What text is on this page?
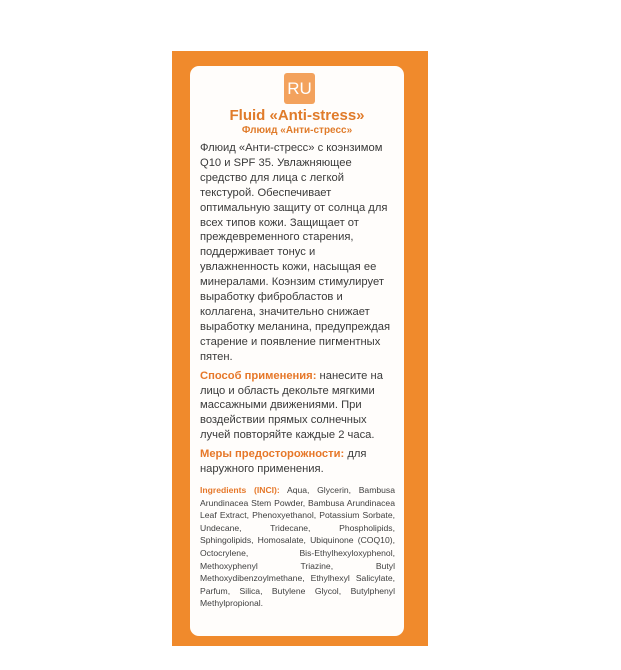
RU
Fluid «Anti-stress»
Флюид «Анти-стресс»

Флюид «Анти-стресс» с коэнзимом Q10 и SPF 35. Увлажняющее средство для лица с легкой текстурой. Обеспечивает оптимальную защиту от солнца для всех типов кожи. Защищает от преждевременного старения, поддерживает тонус и увлажненность кожи, насыщая ее минералами. Коэнзим стимулирует выработку фибробластов и коллагена, значительно снижает выработку меланина, предупреждая старение и появление пигментных пятен.

Способ применения: нанесите на лицо и область декольте мягкими массажными движениями. При воздействии прямых солнечных лучей повторяйте каждые 2 часа.

Меры предосторожности: для наружного применения.

Ingredients (INCI): Aqua, Glycerin, Bambusa Arundinacea Stem Powder, Bambusa Arundinacea Leaf Extract, Phenoxyethanol, Potassium Sorbate, Undecane, Tridecane, Phospholipids, Sphingolipids, Homosalate, Ubiquinone (COQ10), Octocrylene, Bis-Ethylhexyloxyphenol, Methoxyphenyl Triazine, Butyl Methoxydibenzoylmethane, Ethylhexyl Salicylate, Parfum, Silica, Butylene Glycol, Butylphenyl Methylpropional.
